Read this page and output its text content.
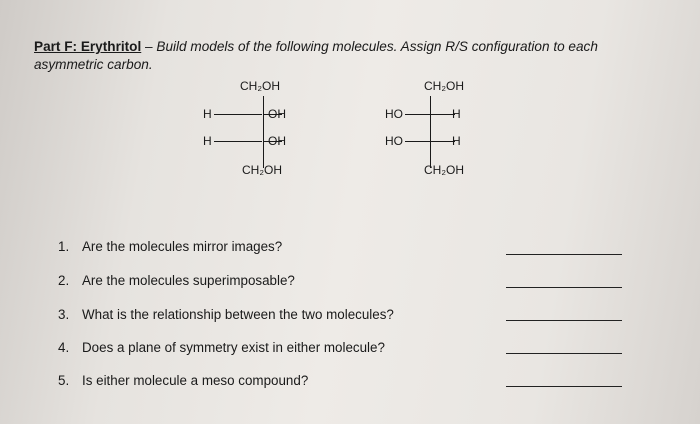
Part F: Erythritol – Build models of the following molecules. Assign R/S configuration to each
asymmetric carbon.
CH₂OH
H	OH
H	OH
CH₂OH
CH₂OH
HO	H
HO	H
CH₂OH
1. Are the molecules mirror images?
2. Are the molecules superimposable?
3. What is the relationship between the two molecules?
4. Does a plane of symmetry exist in either molecule?
5. Is either molecule a meso compound?
